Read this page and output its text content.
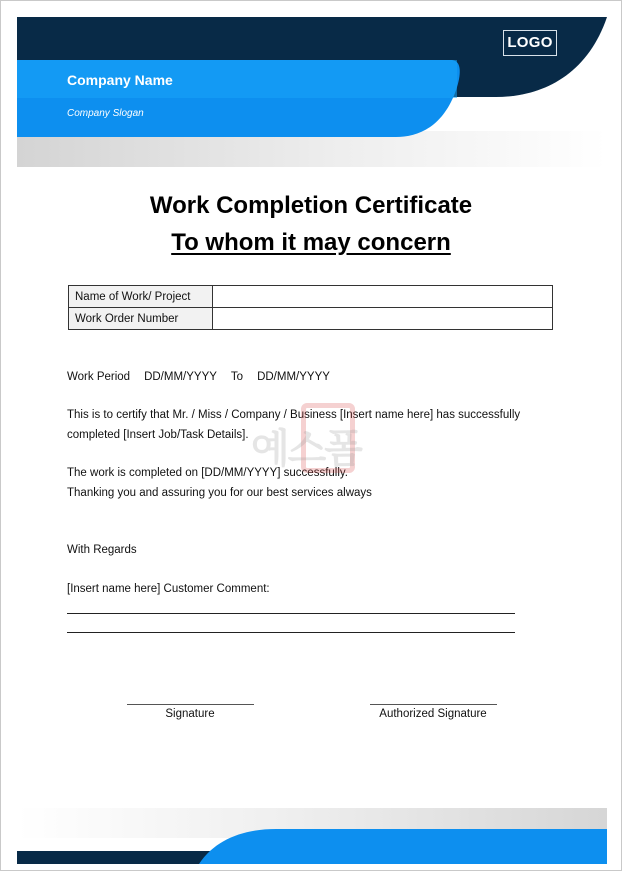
LOGO
Company Name
Company Slogan
Work Completion Certificate
To whom it may concern
Name of Work/ Project	
Work Order Number	
Work Period DD/MM/YYYY To DD/MM/YYYY
This is to certify that Mr. / Miss / Company / Business [Insert name here] has successfully completed [Insert Job/Task Details].
The work is completed on [DD/MM/YYYY] successfully.
Thanking you and assuring you for our best services always
With Regards
[Insert name here] Customer Comment:
Signature	Authorized Signature
예스폼
